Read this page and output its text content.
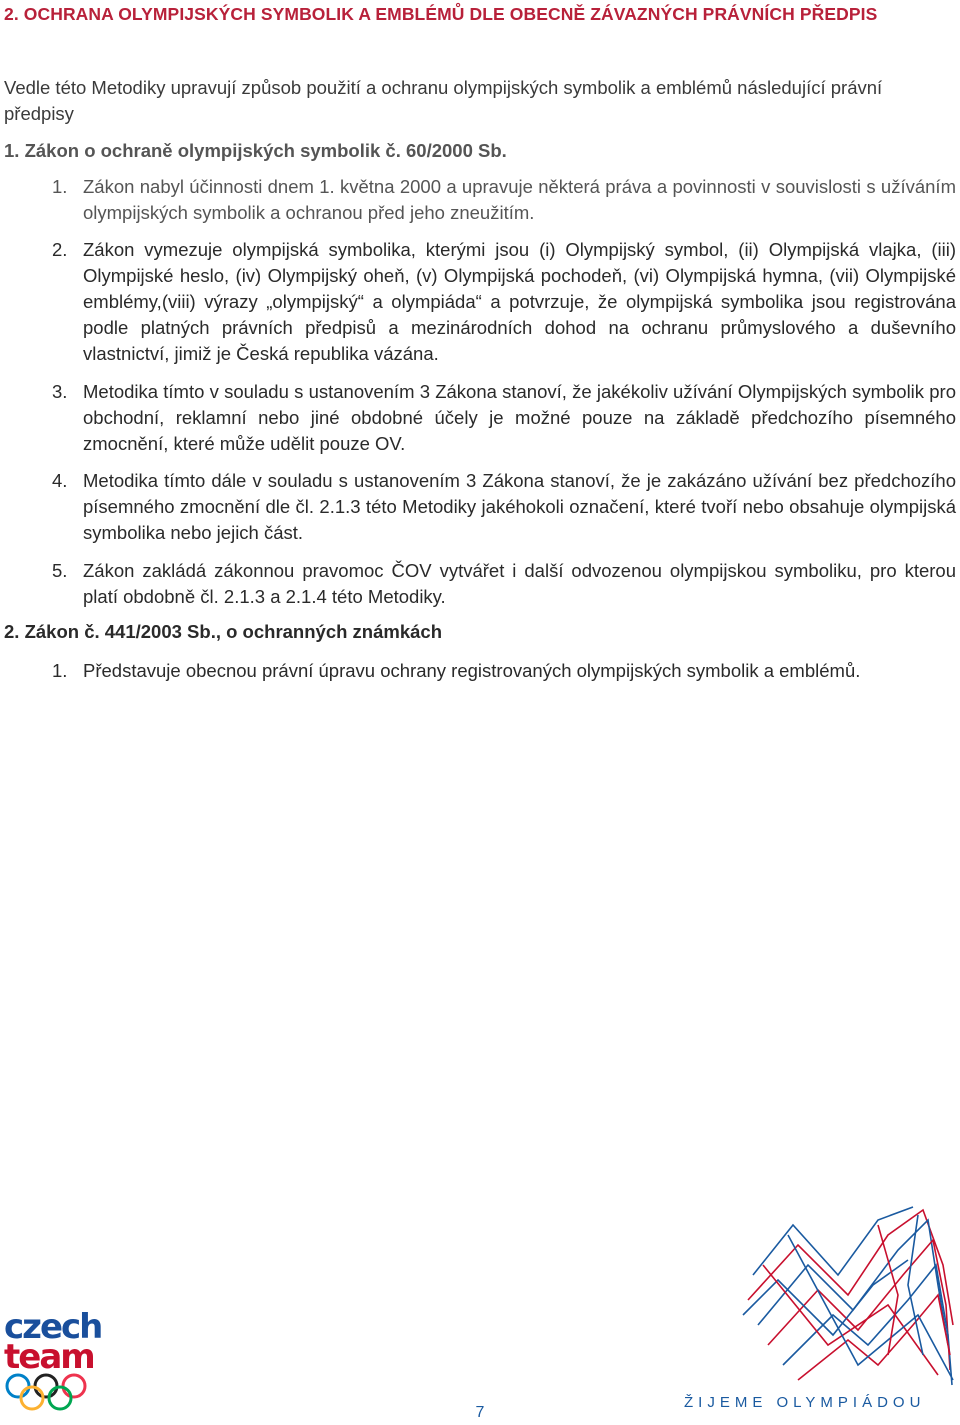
2. OCHRANA OLYMPIJSKÝCH SYMBOLIK A EMBLÉMŮ DLE OBECNĚ ZÁVAZNÝCH PRÁVNÍCH PŘEDPIS
Vedle této Metodiky upravují způsob použití a ochranu olympijských symbolik a emblémů následující právní předpisy
1. Zákon o ochraně olympijských symbolik č. 60/2000 Sb.
1. Zákon nabyl účinnosti dnem 1. května 2000 a upravuje některá práva a povinnosti v souvislosti s užíváním olympijských symbolik a ochranou před jeho zneužitím.
2. Zákon vymezuje olympijská symbolika, kterými jsou (i) Olympijský symbol, (ii) Olympijská vlajka, (iii) Olympijské heslo, (iv) Olympijský oheň, (v) Olympijská pochodeň, (vi) Olympijská hymna, (vii) Olympijské emblémy,(viii) výrazy „olympijský“ a olympiáda“ a potvrzuje, že olympijská symbolika jsou registrována podle platných právních předpisů a mezinárodních dohod na ochranu průmyslového a duševního vlastnictví, jimiž je Česká republika vázána.
3. Metodika tímto v souladu s ustanovením 3 Zákona stanoví, že jakékoliv užívání Olympijských symbolik pro obchodní, reklamní nebo jiné obdobné účely je možné pouze na základě předchozího písemného zmocnění, které může udělit pouze OV.
4. Metodika tímto dále v souladu s ustanovením 3 Zákona stanoví, že je zakázáno užívání bez předchozího písemného zmocnění dle čl. 2.1.3 této Metodiky jakéhokoli označení, které tvoří nebo obsahuje olympijská symbolika nebo jejich část.
5. Zákon zakládá zákonnou pravomoc ČOV vytvářet i další odvozenou olympijskou symboliku, pro kterou platí obdobně čl. 2.1.3 a 2.1.4 této Metodiky.
2. Zákon č. 441/2003 Sb., o ochranných známkách
1. Představuje obecnou právní úpravu ochrany registrovaných olympijských symbolik a emblémů.
czech
team
7
ŽIJEME OLYMPIÁDOU
